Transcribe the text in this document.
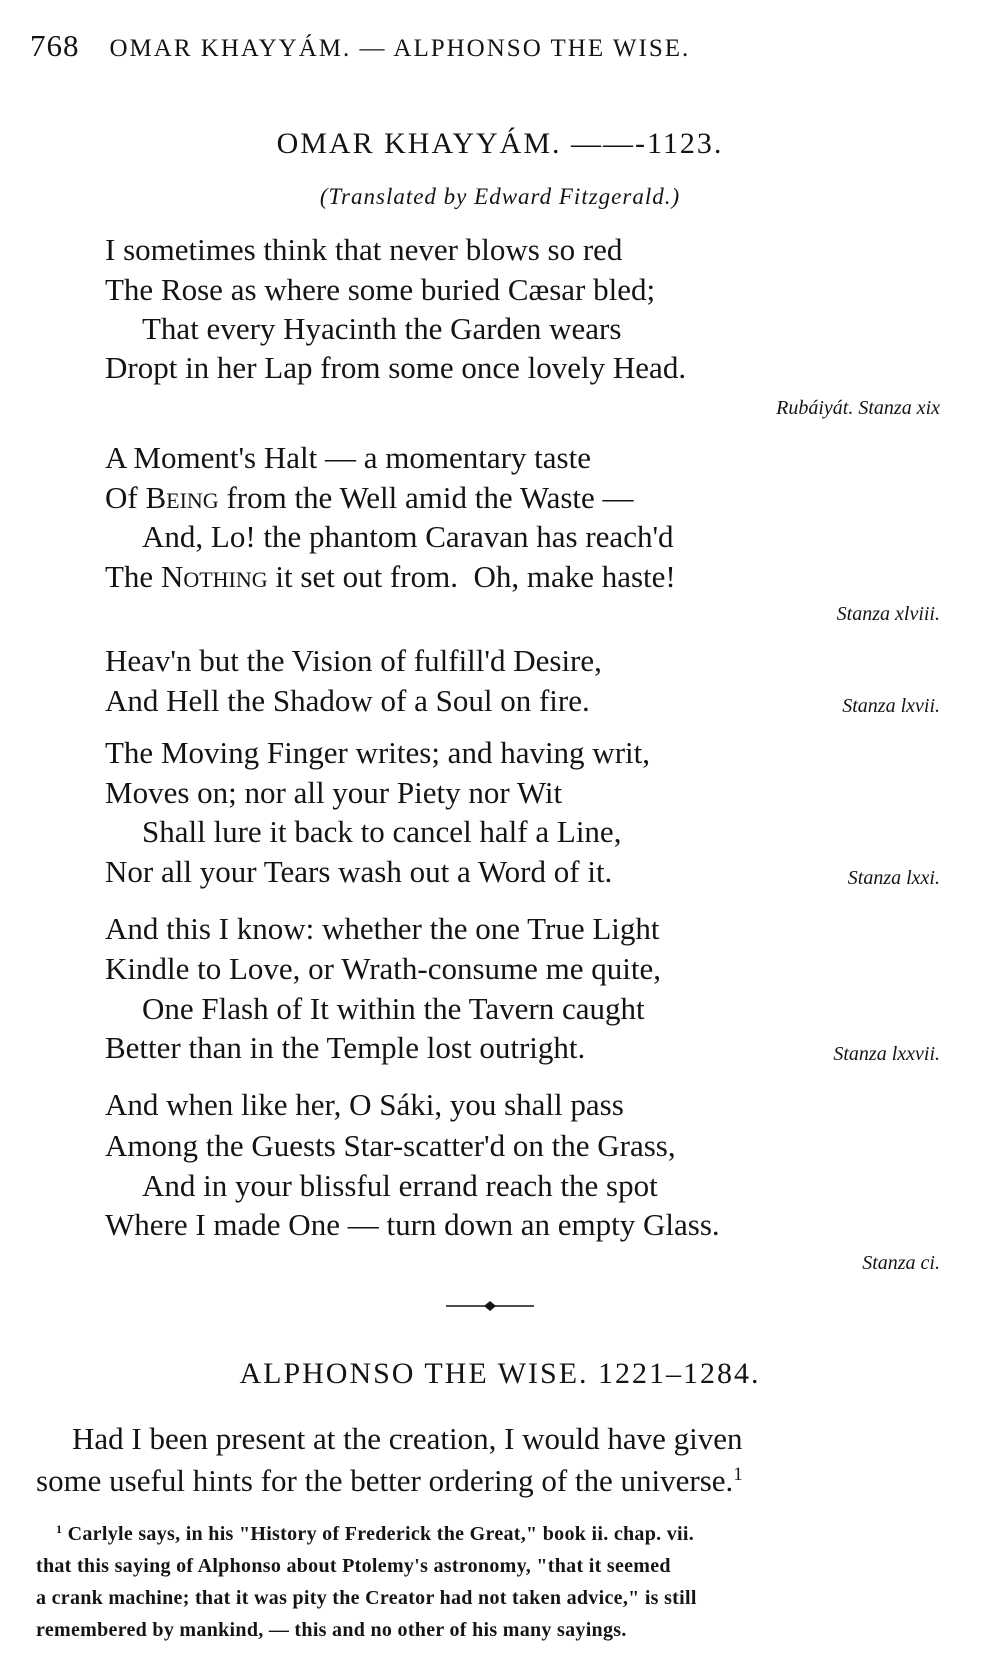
768 OMAR KHAYYÁM. — ALPHONSO THE WISE.
OMAR KHAYYÁM. ——-1123.
(Translated by Edward Fitzgerald.)
I sometimes think that never blows so red
The Rose as where some buried Cæsar bled;
That every Hyacinth the Garden wears
Dropt in her Lap from some once lovely Head.
Rubáiyát. Stanza xix
A Moment's Halt — a momentary taste
Of Being from the Well amid the Waste —
And, Lo! the phantom Caravan has reach'd
The Nothing it set out from.  Oh, make haste!
Stanza xlviii.
Heav'n but the Vision of fulfill'd Desire,
And Hell the Shadow of a Soul on fire.	Stanza lxvii.
The Moving Finger writes; and having writ,
Moves on; nor all your Piety nor Wit
Shall lure it back to cancel half a Line,
Nor all your Tears wash out a Word of it.	Stanza lxxi.
And this I know: whether the one True Light
Kindle to Love, or Wrath-consume me quite,
One Flash of It within the Tavern caught
Better than in the Temple lost outright.	Stanza lxxvii.
And when like her, O Sáki, you shall pass
Among the Guests Star-scatter'd on the Grass,
And in your blissful errand reach the spot
Where I made One — turn down an empty Glass.
Stanza ci.
ALPHONSO THE WISE. 1221–1284.
Had I been present at the creation, I would have given
some useful hints for the better ordering of the universe.$^1$
$^1$ Carlyle says, in his "History of Frederick the Great," book ii. chap. vii.
that this saying of Alphonso about Ptolemy's astronomy, "that it seemed
a crank machine; that it was pity the Creator had not taken advice," is still
remembered by mankind, — this and no other of his many sayings.
